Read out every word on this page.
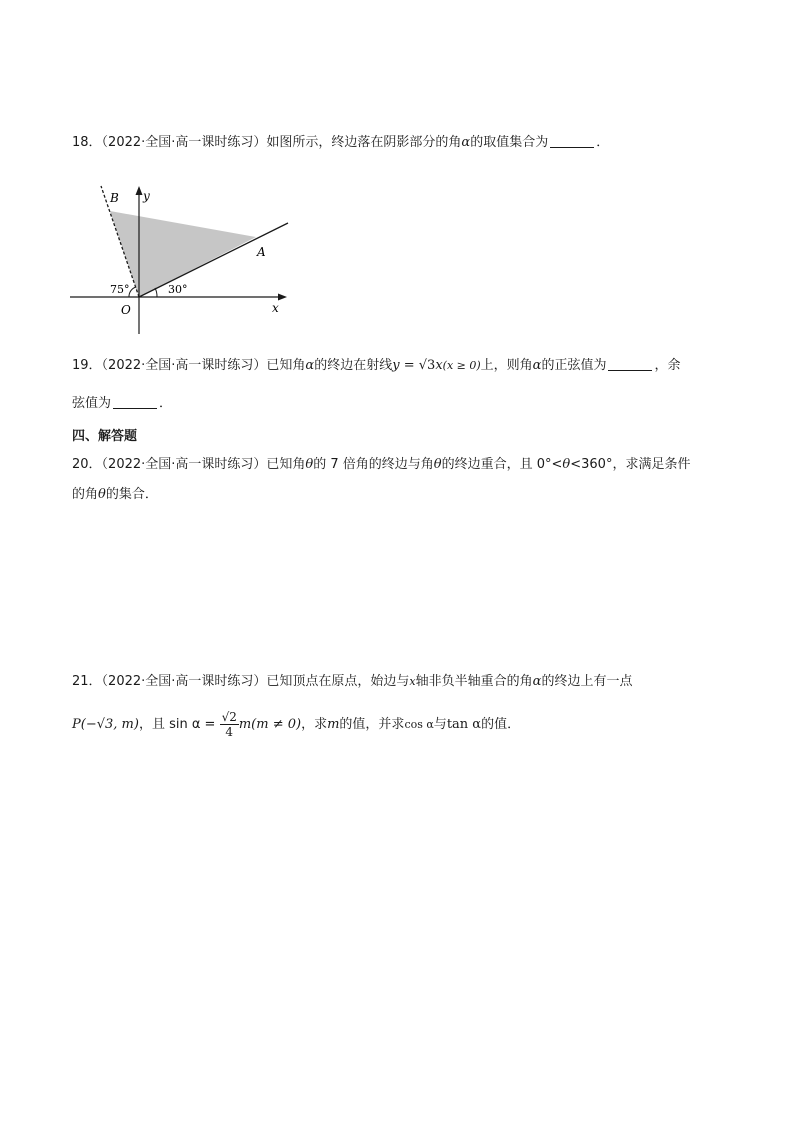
18．（2022·全国·高一课时练习）如图所示，终边落在阴影部分的角α的取值集合为	．
y
x
B
A
O
75°	30°
19．（2022·全国·高一课时练习）已知角α的终边在射线y = √3x(x ≥ 0)上，则角α的正弦值为	，余
弦值为	．
四、解答题
20．（2022·全国·高一课时练习）已知角θ的 7 倍角的终边与角θ的终边重合，且 0°<θ<360°，求满足条件
的角θ的集合．
21．（2022·全国·高一课时练习）已知顶点在原点，始边与x轴非负半轴重合的角α的终边上有一点
P(−√3, m)，且 $\sin \alpha = \frac{√2}{4} m(m \ne 0)$，求m的值，并求cos α与tan α的值．
